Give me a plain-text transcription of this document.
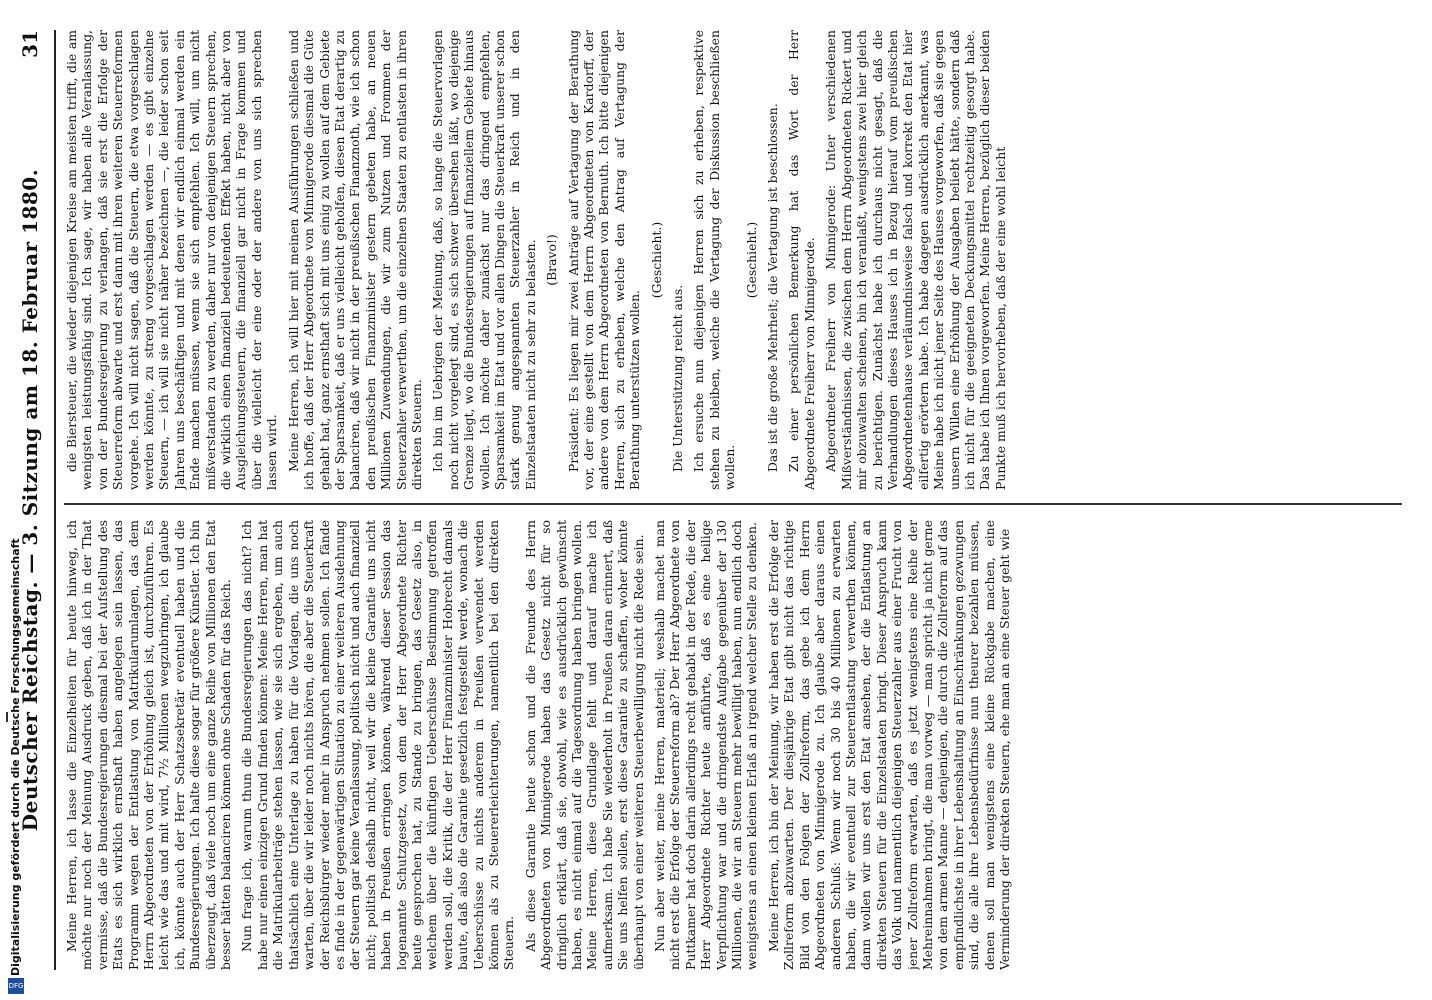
Deutscher Reichstag. — 3. Sitzung am 18. Februar 1880.
31

Meine Herren, ich lasse die Einzelheiten für heute hinweg, ich möchte nur noch der Meinung Ausdruck geben, daß ich in der That vermisse, daß die Bundesregierungen diesmal bei der Aufstellung des Etats es sich wirklich ernsthaft haben angelegen sein lassen, das Programm wegen der Entlastung von Matrikularumlagen, das dem Herrn Abgeordneten von der Erhöhung gleich ist, durchzuführen. Es leicht wie das und mit wird, 7½ Millionen wegzubringen, ich glaube ich, könnte auch der Herr Schatzsekretär eventuell haben und die Bundesregierungen. Ich halte diese sogar für größere Künstler. Ich bin überzeugt, daß viele noch um eine ganze Reihe von Millionen den Etat besser hätten balanciren können ohne Schaden für das Reich. Nun frage ich, warum thun die Bundesregierungen das nicht? Ich habe nur einen einzigen Grund finden können: Meine Herren, man hat die Matrikularbeiträge stehen lassen, wie sie sich ergeben, um auch thatsächlich eine Unterlage zu haben für die Vorlagen, die uns noch warten, über die wir leider noch nichts hören, die aber die Steuerkraft der Reichsbürger wieder mehr in Anspruch nehmen sollen. Ich fände es finde in der gegenwärtigen Situation zu einer weiteren Ausdehnung der Steuern gar keine Veranlassung, politisch nicht und auch finanziell nicht; politisch deshalb nicht, weil wir die kleine Garantie uns nicht haben in Preußen erringen können, während dieser Session das logenannte Schutzgesetz, von dem der Herr Abgeordnete Richter heute gesprochen hat, zu Stande zu bringen, das Gesetz also, in welchem über die künftigen Ueberschüsse Bestimmung getroffen werden soll, die Kritik, die der Herr Finanzminister Hobrecht damals baute, daß also die Garantie gesetzlich festgestellt werde, wonach die Ueberschüsse zu nichts anderem in Preußen verwendet werden können als zu Steuererleichterungen, namentlich bei den direkten Steuern. Als diese Garantie heute schon und die Freunde des Herrn Abgeordneten von Minnigerode haben das Gesetz nicht für so dringlich erklärt, daß sie, obwohl, wie es ausdrücklich gewünscht haben, es nicht einmal auf die Tagesordnung haben bringen wollen. Meine Herren, diese Grundlage fehlt und darauf mache ich aufmerksam. Ich habe Sie wiederholt in Preußen daran erinnert, daß Sie uns helfen sollen, erst diese Garantie zu schaffen, woher könnte überhaupt von einer weiteren Steuerbewilligung nicht die Rede sein. Nun aber weiter, meine Herren, materiell; weshalb machet man nicht erst die Erfolge der Steuerreform ab? Der Herr Abgeordnete von Puttkamer hat doch darin allerdings recht gehabt in der Rede, die der Herr Abgeordnete Richter heute anführte, daß es eine heilige Verpflichtung war und die dringendste Aufgabe gegenüber der 130 Millionen, die wir an Steuern mehr bewilligt haben, nun endlich doch wenigstens an einen kleinen Erlaß an irgend welcher Stelle zu denken. Meine Herren, ich bin der Meinung, wir haben erst die Erfolge der Zollreform abzuwarten. Der diesjährige Etat gibt nicht das richtige Bild von den Folgen der Zollreform, das gebe ich dem Herrn Abgeordneten von Minnigerode zu. Ich glaube aber daraus einen anderen Schluß: Wenn wir noch 30 bis 40 Millionen zu erwarten haben, die wir eventuell zur Steuerentlastung verwerthen können, dann wollen wir uns erst den Etat ansehen, der die Entlastung an direkten Steuern für die Einzelstaaten bringt. Dieser Anspruch kann das Volk und namentlich diejenigen Steuerzahler aus einer Frucht von jener Zollreform erwarten, daß es jetzt wenigstens eine Reihe der Mehreinnahmen bringt, die man vorweg — man spricht ja nicht gerne von dem armen Manne — denjenigen, die durch die Zollreform auf das empfindlichste in ihrer Lebenshaltung an Einschränkungen gezwungen sind, die alle ihre Lebensbedürfnisse nun theurer bezahlen müssen, denen soll man wenigstens eine kleine Rückgabe machen, eine Verminderung der direkten Steuern, ehe man an eine Steuer geht wie

die Biersteuer, die wieder diejenigen Kreise am meisten trifft, die am wenigsten leistungsfähig sind. Ich sage, wir haben alle Veranlassung, von der Bundesregierung zu verlangen, daß sie erst die Erfolge der Steuerreform abwarte und erst dann mit ihren weiteren Steuerreformen vorgehe. Ich will nicht sagen, daß die Steuern, die etwa vorgeschlagen werden könnte, zu streng vorgeschlagen werden — es gibt einzelne Steuern, — ich will sie nicht näher bezeichnen —, die leider schon seit Jahren uns beschäftigen und mit denen wir endlich einmal werden ein Ende machen müssen, wenn sie sich empfehlen. Ich will, um nicht mißverstanden zu werden, daher nur von denjenigen Steuern sprechen, die wirklich einen finanziell bedeutenden Effekt haben, nicht aber von Ausgleichungssteuern, die finanziell gar nicht in Frage kommen und über die vielleicht der eine oder der andere von uns sich sprechen lassen wird. Meine Herren, ich will hier mit meinen Ausführungen schließen und ich hoffe, daß der Herr Abgeordnete von Minnigerode diesmal die Güte gehabt hat, ganz ernsthaft sich mit uns einig zu wollen auf dem Gebiete der Sparsamkeit, daß er uns vielleicht geholfen, diesen Etat derartig zu balanciren, daß wir nicht in der preußischen Finanznoth, wie ich schon den preußischen Finanzminister gestern gebeten habe, an neuen Millionen Zuwendungen, die wir zum Nutzen und Frommen der Steuerzahler verwerthen, um die einzelnen Staaten zu entlasten in ihren direkten Steuern. Ich bin im Uebrigen der Meinung, daß, so lange die Steuervorlagen noch nicht vorgelegt sind, es sich schwer übersehen läßt, wo diejenige Grenze liegt, wo die Bundesregierungen auf finanziellem Gebiete hinaus wollen. Ich möchte daher zunächst nur das dringend empfehlen, Sparsamkeit im Etat und vor allen Dingen die Steuerkraft unserer schon stark genug angespannten Steuerzahler in Reich und in den Einzelstaaten nicht zu sehr zu belasten. (Bravo!) Präsident: Es liegen mir zwei Anträge auf Vertagung der Berathung vor, der eine gestellt von dem Herrn Abgeordneten von Kardorff, der andere von dem Herrn Abgeordneten von Bernuth. Ich bitte diejenigen Herren, sich zu erheben, welche den Antrag auf Vertagung der Berathung unterstützen wollen.

(Geschieht.)

Die Unterstützung reicht aus. Ich ersuche nun diejenigen Herren sich zu erheben, respektive stehen zu bleiben, welche die Vertagung der Diskussion beschließen wollen.

(Geschieht.) Das ist die große Mehrheit; die Vertagung ist beschlossen. Zu einer persönlichen Bemerkung hat das Wort der Herr Abgeordnete Freiherr von Minnigerode. Abgeordneter Freiherr von Minnigerode: Unter verschiedenen Mißverständnissen, die zwischen dem Herrn Abgeordneten Rickert und mir obzuwalten scheinen, bin ich veranlaßt, wenigstens zwei hier gleich zu berichtigen. Zunächst habe ich durchaus nicht gesagt, daß die Verhandlungen dieses Hauses ich in Bezug hierauf vom preußischen Abgeordnetenhause verläumdnisweise falsch und korrekt den Etat hier eilfertig erörtern habe. Ich habe dagegen ausdrücklich anerkannt, was Meine habe ich nicht jener Seite des Hauses vorgeworfen, daß sie gegen unsern Willen eine Erhöhung der Ausgaben beliebt hätte, sondern daß ich nicht für die geeigneten Deckungsmittel rechtzeitig gesorgt habe. Das habe ich Ihnen vorgeworfen. Meine Herren, bezüglich dieser beiden Punkte muß ich hervorheben, daß der eine wohl leicht

Digitalisierung gefördert durch die Deutsche Forschungsgemeinschaft
DFG
